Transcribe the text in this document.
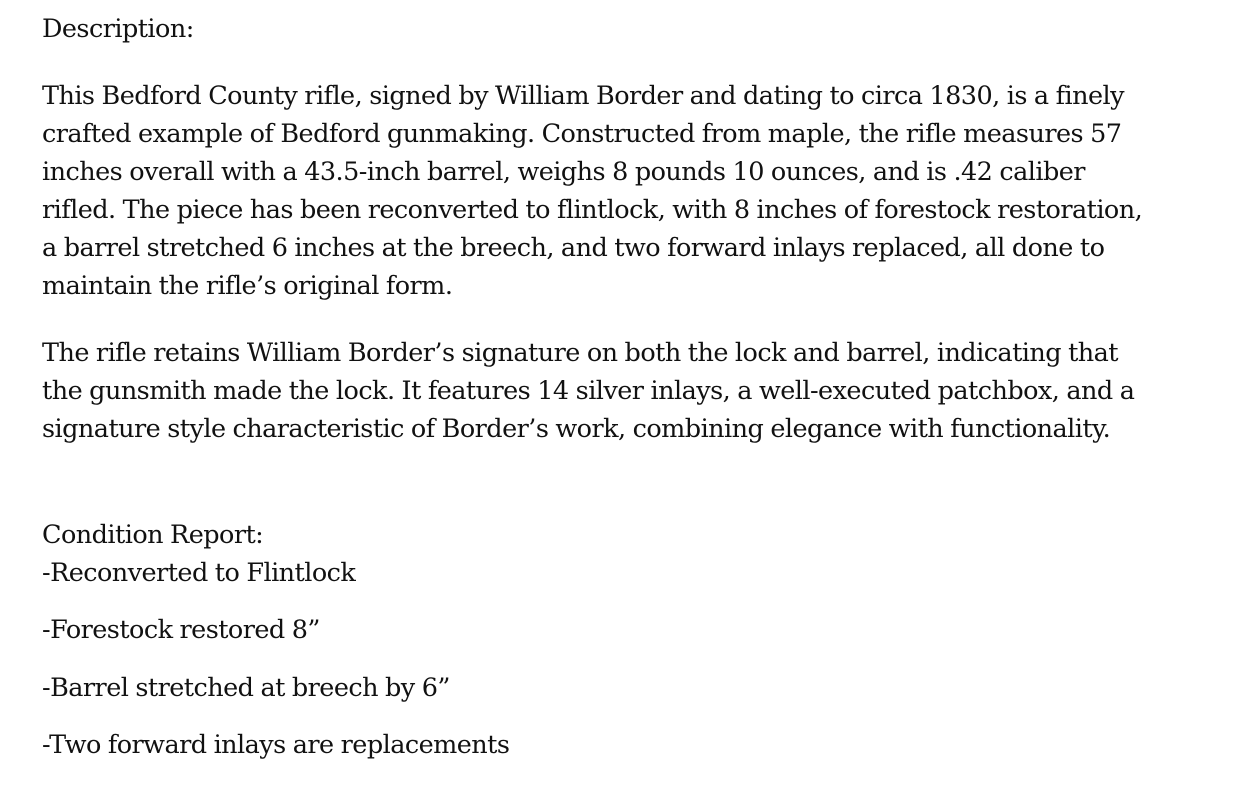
Description:
This Bedford County rifle, signed by William Border and dating to circa 1830, is a finely
crafted example of Bedford gunmaking. Constructed from maple, the rifle measures 57
inches overall with a 43.5-inch barrel, weighs 8 pounds 10 ounces, and is .42 caliber
rifled. The piece has been reconverted to flintlock, with 8 inches of forestock restoration,
a barrel stretched 6 inches at the breech, and two forward inlays replaced, all done to
maintain the rifle’s original form.
The rifle retains William Border’s signature on both the lock and barrel, indicating that
the gunsmith made the lock. It features 14 silver inlays, a well-executed patchbox, and a
signature style characteristic of Border’s work, combining elegance with functionality.
Condition Report:
-Reconverted to Flintlock
-Forestock restored 8”
-Barrel stretched at breech by 6”
-Two forward inlays are replacements
